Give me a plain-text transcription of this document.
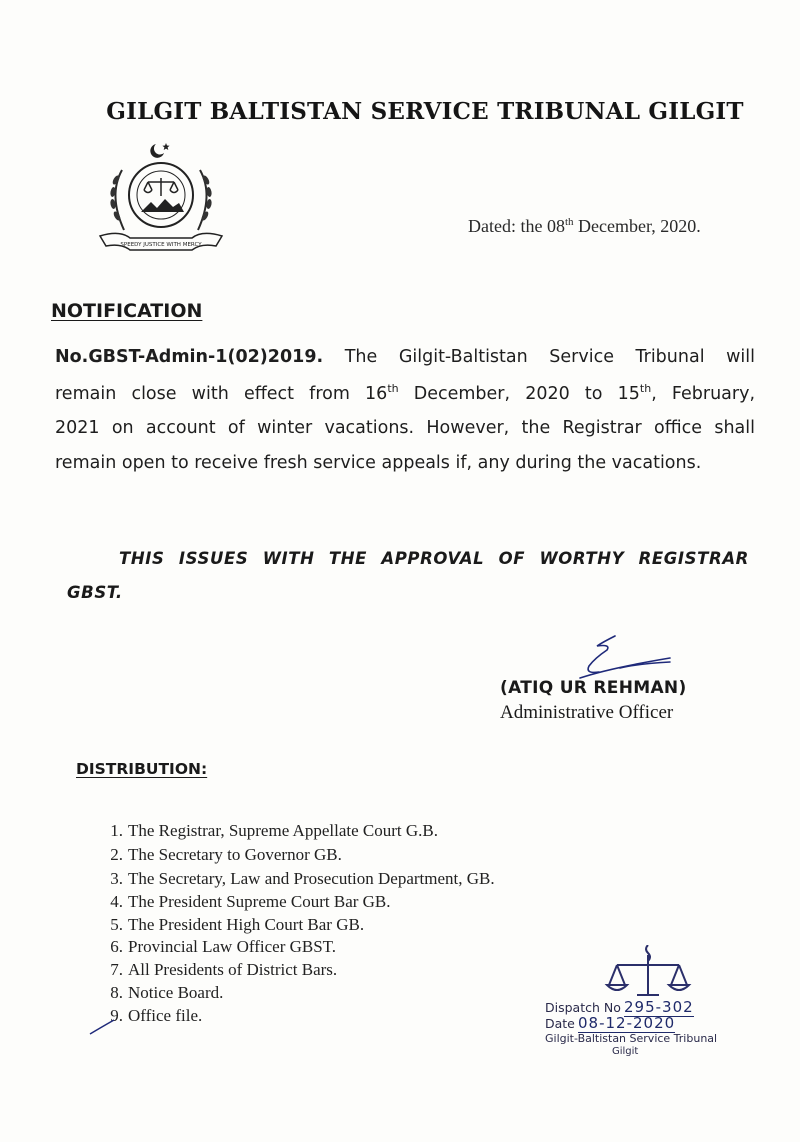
GILGIT BALTISTAN SERVICE TRIBUNAL GILGIT
SPEEDY JUSTICE WITH MERCY
Dated: the 08th December, 2020.
NOTIFICATION
No.GBST-Admin-1(02)2019. The Gilgit-Baltistan Service Tribunal will
remain close with effect from 16th December, 2020 to 15th, February,
2021 on account of winter vacations. However, the Registrar office shall
remain open to receive fresh service appeals if, any during the vacations.
THIS ISSUES WITH THE APPROVAL OF WORTHY REGISTRAR
GBST.
(ATIQ UR REHMAN)
Administrative Officer
DISTRIBUTION:
1. The Registrar, Supreme Appellate Court G.B.
2. The Secretary to Governor GB.
3. The Secretary, Law and Prosecution Department, GB.
4. The President Supreme Court Bar GB.
5. The President High Court Bar GB.
6. Provincial Law Officer GBST.
7. All Presidents of District Bars.
8. Notice Board.
9. Office file.	Dispatch No 295-302
Date 08-12-2020
Gilgit-Baltistan Service Tribunal
Gilgit
